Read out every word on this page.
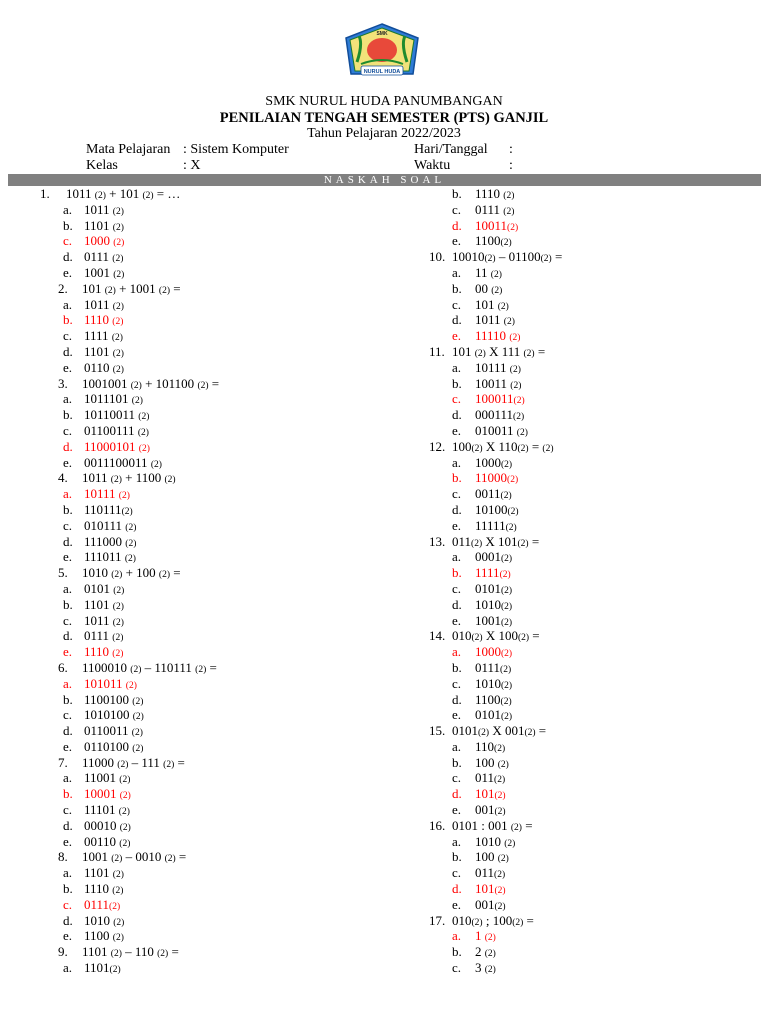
SMK
NURUL HUDA
SMK NURUL HUDA PANUMBANGAN
PENILAIAN TENGAH SEMESTER (PTS) GANJIL
Tahun Pelajaran 2022/2023
Mata Pelajaran : Sistem Komputer	Hari/Tanggal :
Kelas	: X	Waktu	:
NASKAH SOAL
1. 1011 (2) + 101 (2) = …
a. 1011 (2)
b. 1101 (2)
c. 1000 (2)
d. 0111 (2)
e. 1001 (2)
2. 101 (2) + 1001 (2) =
a. 1011 (2)
b. 1110 (2)
c. 1111 (2)
d. 1101 (2)
e. 0110 (2)
3. 1001001 (2) + 101100 (2) =
a. 1011101 (2)
b. 10110011 (2)
c. 01100111 (2)
d. 11000101 (2)
e. 0011100011 (2)
4. 1011 (2) + 1100 (2)
a. 10111 (2)
b. 110111(2)
c. 010111 (2)
d. 111000 (2)
e. 111011 (2)
5. 1010 (2) + 100 (2) =
a. 0101 (2)
b. 1101 (2)
c. 1011 (2)
d. 0111 (2)
e. 1110 (2)
6. 1100010 (2) – 110111 (2) =
a. 101011 (2)
b. 1100100 (2)
c. 1010100 (2)
d. 0110011 (2)
e. 0110100 (2)
7. 11000 (2) – 111 (2) =
a. 11001 (2)
b. 10001 (2)
c. 11101 (2)
d. 00010 (2)
e. 00110 (2)
8. 1001 (2) – 0010 (2) =
a. 1101 (2)
b. 1110 (2)
c. 0111(2)
d. 1010 (2)
e. 1100 (2)
9. 1101 (2) – 110 (2) =
a. 1101(2)
b. 1110 (2)
c. 0111 (2)
d. 10011(2)
e. 1100(2)
10. 10010(2) – 01100(2) =
a. 11 (2)
b. 00 (2)
c. 101 (2)
d. 1011 (2)
e. 11110 (2)
11. 101 (2) X 111 (2) =
a. 10111 (2)
b. 10011 (2)
c. 100011(2)
d. 000111(2)
e. 010011 (2)
12. 100(2) X 110(2) = (2)
a. 1000(2)
b. 11000(2)
c. 0011(2)
d. 10100(2)
e. 11111(2)
13. 011(2) X 101(2) =
a. 0001(2)
b. 1111(2)
c. 0101(2)
d. 1010(2)
e. 1001(2)
14. 010(2) X 100(2) =
a. 1000(2)
b. 0111(2)
c. 1010(2)
d. 1100(2)
e. 0101(2)
15. 0101(2) X 001(2) =
a. 110(2)
b. 100 (2)
c. 011(2)
d. 101(2)
e. 001(2)
16. 0101 : 001 (2) =
a. 1010 (2)
b. 100 (2)
c. 011(2)
d. 101(2)
e. 001(2)
17. 010(2) ; 100(2) =
a. 1 (2)
b. 2 (2)
c. 3 (2)
